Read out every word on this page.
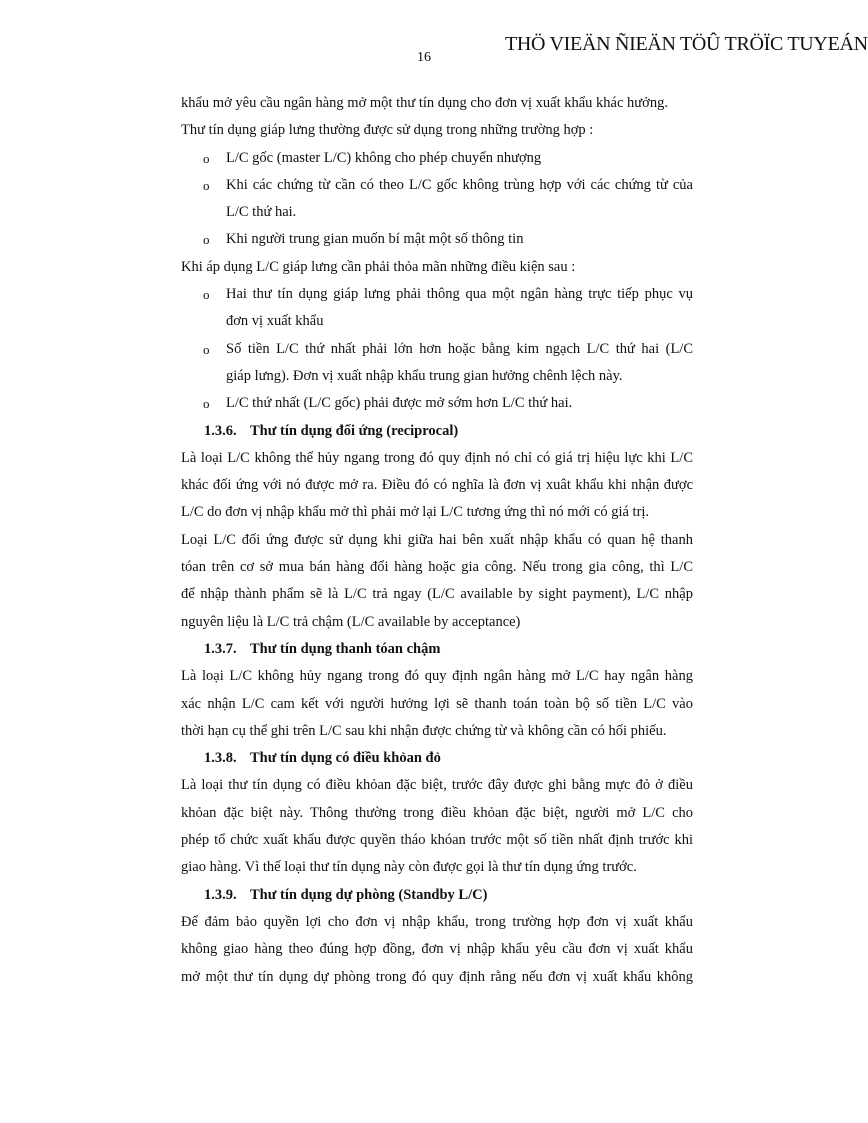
THÖ VIEÄN ÑIEÄN TÖÛ TRÖÏC TUYEÁN
16
khẩu mở yêu cầu ngân hàng mở một thư tín dụng cho đơn vị xuất khẩu khác hưởng.
Thư tín dụng giáp lưng thường được sử dụng trong những trường hợp :
o L/C gốc (master L/C) không cho phép chuyển nhượng
o Khi các chứng từ cần có theo L/C gốc không trùng hợp với các chứng từ của
L/C thứ hai.
o Khi người trung gian muốn bí mật một số thông tin
Khi áp dụng L/C giáp lưng cần phải thỏa mãn những điều kiện sau :
o Hai thư tín dụng giáp lưng phải thông qua một ngân hàng trực tiếp phục vụ
đơn vị xuất khẩu
o Số tiền L/C thứ nhất phải lớn hơn hoặc bằng kim ngạch L/C thứ hai (L/C
giáp lưng). Đơn vị xuất nhập khẩu trung gian hưởng chênh lệch này.
o L/C thứ nhất (L/C gốc) phải được mở sớm hơn L/C thứ hai.
1.3.6. Thư tín dụng đối ứng (reciprocal)
Là loại L/C không thể hủy ngang trong đó quy định nó chỉ có giá trị hiệu lực khi L/C
khác đối ứng với nó được mở ra. Điều đó có nghĩa là đơn vị xuât khẩu khi nhận được
L/C do đơn vị nhập khẩu mở thì phải mở lại L/C tương ứng thì nó mới có giá trị.
Loại L/C đối ứng được sử dụng khi giữa hai bên xuất nhập khẩu có quan hệ thanh
tóan trên cơ sở mua bán hàng đổi hàng hoặc gia công. Nếu trong gia công, thì L/C
để nhập thành phẩm sẽ là L/C trả ngay (L/C available by sight payment), L/C nhập
nguyên liệu là L/C trả chậm (L/C available by acceptance)
1.3.7. Thư tín dụng thanh tóan chậm
Là loại L/C không hủy ngang trong đó quy định ngân hàng mở L/C hay ngân hàng
xác nhận L/C cam kết với người hưởng lợi sẽ thanh toán toàn bộ số tiền L/C vào
thời hạn cụ thể ghi trên L/C sau khi nhận được chứng từ và không cần có hối phiếu.
1.3.8. Thư tín dụng có điều khỏan đỏ
Là loại thư tín dụng có điều khỏan đặc biệt, trước đây được ghi bằng mực đỏ ở điều
khỏan đặc biệt này. Thông thường trong điều khỏan đặc biệt, người mở L/C cho
phép tổ chức xuất khẩu được quyền tháo khóan trước một số tiền nhất định trước khi
giao hàng. Vì thế loại thư tín dụng này còn được gọi là thư tín dụng ứng trước.
1.3.9. Thư tín dụng dự phòng (Standby L/C)
Để đảm bảo quyền lợi cho đơn vị nhập khẩu, trong trường hợp đơn vị xuất khẩu
không giao hàng theo đúng hợp đồng, đơn vị nhập khẩu yêu cầu đơn vị xuất khẩu
mở một thư tín dụng dự phòng trong đó quy định rằng nếu đơn vị xuất khẩu không
